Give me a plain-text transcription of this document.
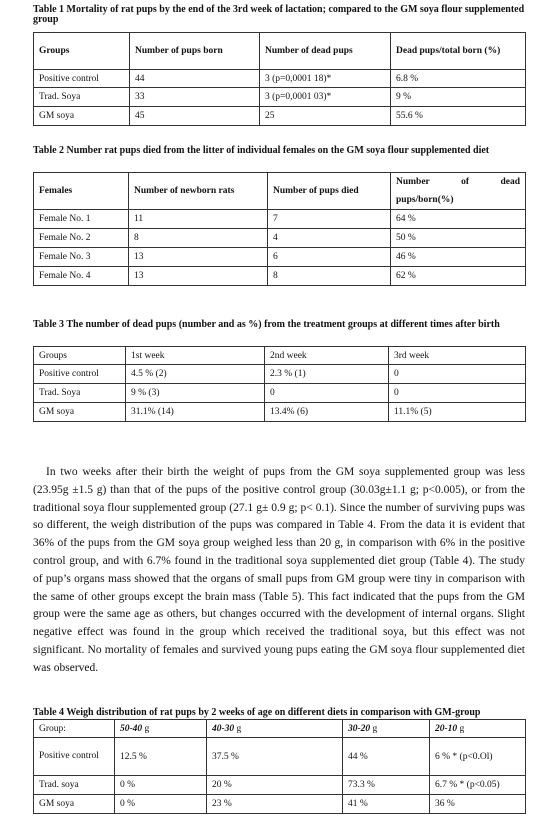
Table 1 Mortality of rat pups by the end of the 3rd week of lactation; compared to the GM soya flour supplemented group
Groups	Number of pups born	Number of dead pups	Dead pups/total born (%)
Positive control	44	3 (p=0,0001 18)*	6.8 %
Trad. Soya	33	3 (p=0,0001 03)*	9 %
GM soya	45	25	55.6 %
Table 2 Number rat pups died from the litter of individual females on the GM soya flour supplemented diet
Females	Number of newborn rats	Number of pups died	Number of dead pups/born(%)
Female No. 1	11	7	64 %
Female No. 2	8	4	50 %
Female No. 3	13	6	46 %
Female No. 4	13	8	62 %
Table 3 The number of dead pups (number and as %) from the treatment groups at different times after birth
Groups	1st week	2nd week	3rd week
Positive control	4.5 % (2)	2.3 % (1)	0
Trad. Soya	9 % (3)	0	0
GM soya	31.1% (14)	13.4% (6)	11.1% (5)

In two weeks after their birth the weight of pups from the GM soya supplemented group was less (23.95g ±1.5 g) than that of the pups of the positive control group (30.03g±1.1 g; p<0.005), or from the traditional soya flour supplemented group (27.1 g± 0.9 g; p< 0.1). Since the number of surviving pups was so different, the weigh distribution of the pups was compared in Table 4. From the data it is evident that 36% of the pups from the GM soya group weighed less than 20 g, in comparison with 6% in the positive control group, and with 6.7% found in the traditional soya supplemented diet group (Table 4). The study of pup’s organs mass showed that the organs of small pups from GM group were tiny in comparison with the same of other groups except the brain mass (Table 5). This fact indicated that the pups from the GM group were the same age as others, but changes occurred with the development of internal organs. Slight negative effect was found in the group which received the traditional soya, but this effect was not significant. No mortality of females and survived young pups eating the GM soya flour supplemented diet was observed.

Table 4 Weigh distribution of rat pups by 2 weeks of age on different diets in comparison with GM-group
Group:	50-40 g	40-30 g	30-20 g	20-10 g
Positive control	12.5 %	37.5 %	44 %	6 % * (p<0.Ol)
Trad. soya	0 %	20 %	73.3 %	6.7 % * (p<0.05)
GM soya	0 %	23 %	41 %	36 %
